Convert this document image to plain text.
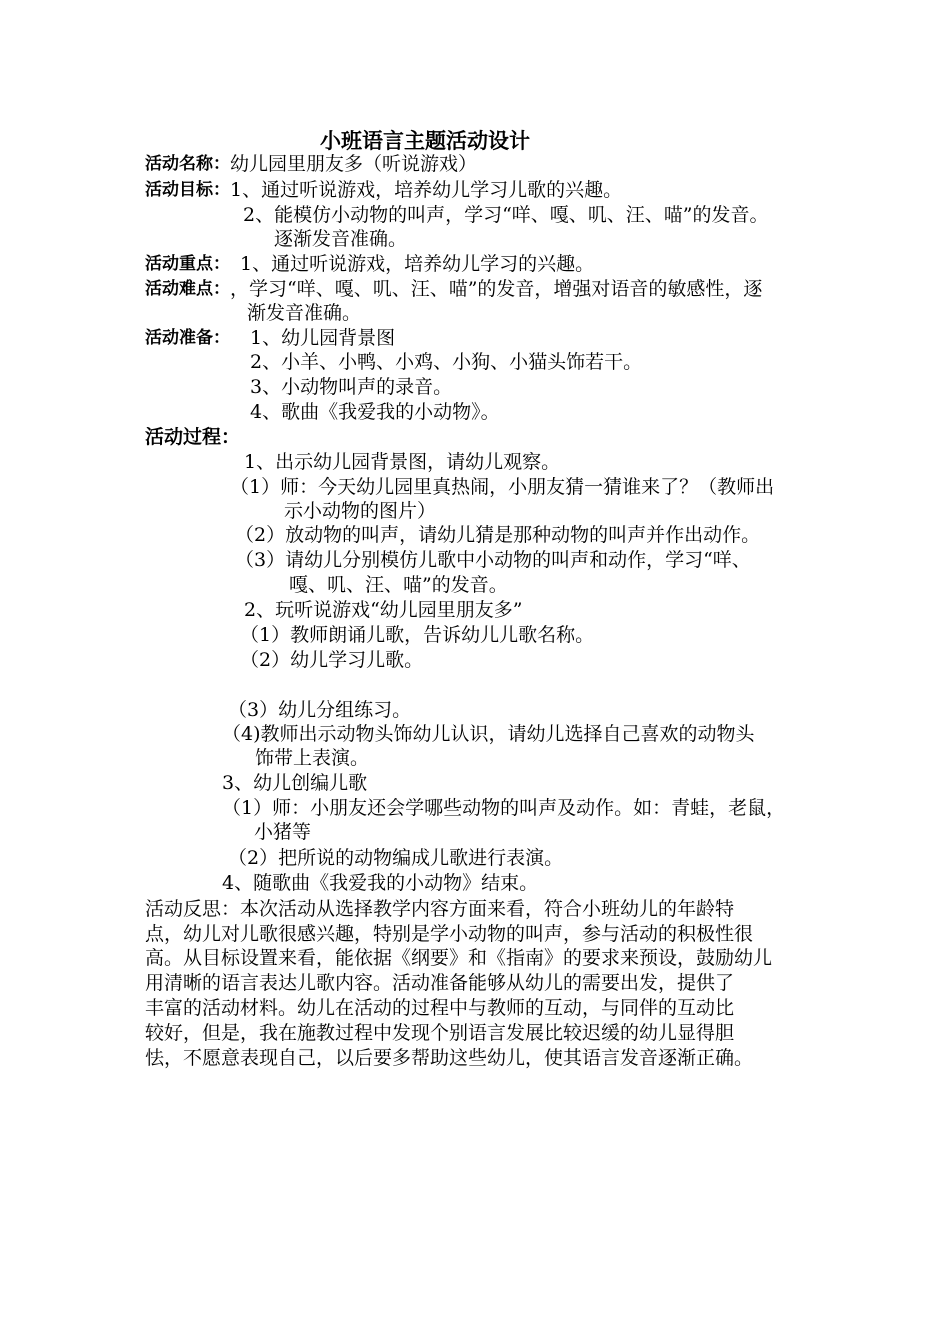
小班语言主题活动设计
活动名称： 幼儿园里朋友多（听说游戏）
活动目标： 1、通过听说游戏，培养幼儿学习儿歌的兴趣。
2、能模仿小动物的叫声，学习“咩、嘎、叽、汪、喵”的发音。
逐渐发音准确。
活动重点： 1、通过听说游戏，培养幼儿学习的兴趣。
活动难点： ，学习“咩、嘎、叽、汪、喵”的发音，增强对语音的敏感性，逐
渐发音准确。
活动准备： 1、幼儿园背景图
2、小羊、小鸭、小鸡、小狗、小猫头饰若干。
3、小动物叫声的录音。
4、歌曲《我爱我的小动物》。
活动过程：
1、出示幼儿园背景图，请幼儿观察。
（1）师：今天幼儿园里真热闹，小朋友猜一猜谁来了？（教师出
示小动物的图片）
（2）放动物的叫声，请幼儿猜是那种动物的叫声并作出动作。
（3）请幼儿分别模仿儿歌中小动物的叫声和动作，学习“咩、
嘎、叽、汪、喵”的发音。
2、玩听说游戏“幼儿园里朋友多”
（1）教师朗诵儿歌，告诉幼儿儿歌名称。
（2）幼儿学习儿歌。
（3）幼儿分组练习。
（4)教师出示动物头饰幼儿认识，请幼儿选择自己喜欢的动物头
饰带上表演。
3、幼儿创编儿歌
（1）师：小朋友还会学哪些动物的叫声及动作。如：青蛙，老鼠，
小猪等
（2）把所说的动物编成儿歌进行表演。
4、随歌曲《我爱我的小动物》结束。
活动反思：本次活动从选择教学内容方面来看，符合小班幼儿的年龄特
点，幼儿对儿歌很感兴趣，特别是学小动物的叫声，参与活动的积极性很
高。从目标设置来看，能依据《纲要》和《指南》的要求来预设，鼓励幼儿
用清晰的语言表达儿歌内容。活动准备能够从幼儿的需要出发，提供了
丰富的活动材料。幼儿在活动的过程中与教师的互动，与同伴的互动比
较好，但是，我在施教过程中发现个别语言发展比较迟缓的幼儿显得胆
怯，不愿意表现自己，以后要多帮助这些幼儿，使其语言发音逐渐正确。
